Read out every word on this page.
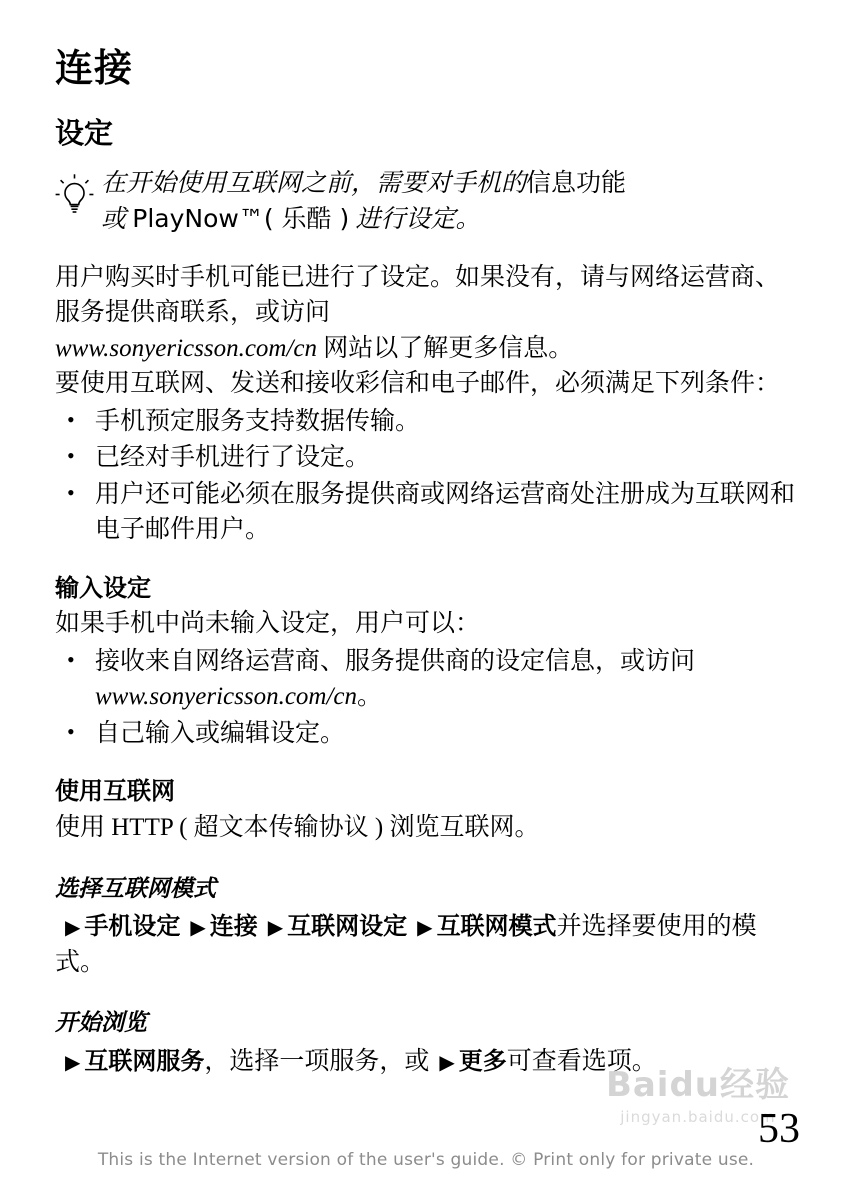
连接
设定
在开始使用互联网之前，需要对手机的信息功能
或 PlayNow™( 乐酷 ) 进行设定。

用户购买时手机可能已进行了设定。如果没有，请与网络运营商、服务提供商联系，或访问
www.sonyericsson.com/cn 网站以了解更多信息。

要使用互联网、发送和接收彩信和电子邮件，必须满足下列条件：

• 手机预定服务支持数据传输。
• 已经对手机进行了设定。
• 用户还可能必须在服务提供商或网络运营商处注册成为互联网和电子邮件用户。
输入设定

如果手机中尚未输入设定，用户可以：

• 接收来自网络运营商、服务提供商的设定信息，或访问 www.sonyericsson.com/cn。
• 自己输入或编辑设定。
使用互联网

使用 HTTP ( 超文本传输协议 ) 浏览互联网。

选择互联网模式

▶ 手机设定 ▶ 连接 ▶ 互联网设定 ▶ 互联网模式并选择要使用的模式。

开始浏览

▶ 互联网服务，选择一项服务，或 ▶ 更多可查看选项。

Baidu经验
jingyan.baidu.com
53
This is the Internet version of the user's guide. © Print only for private use.
